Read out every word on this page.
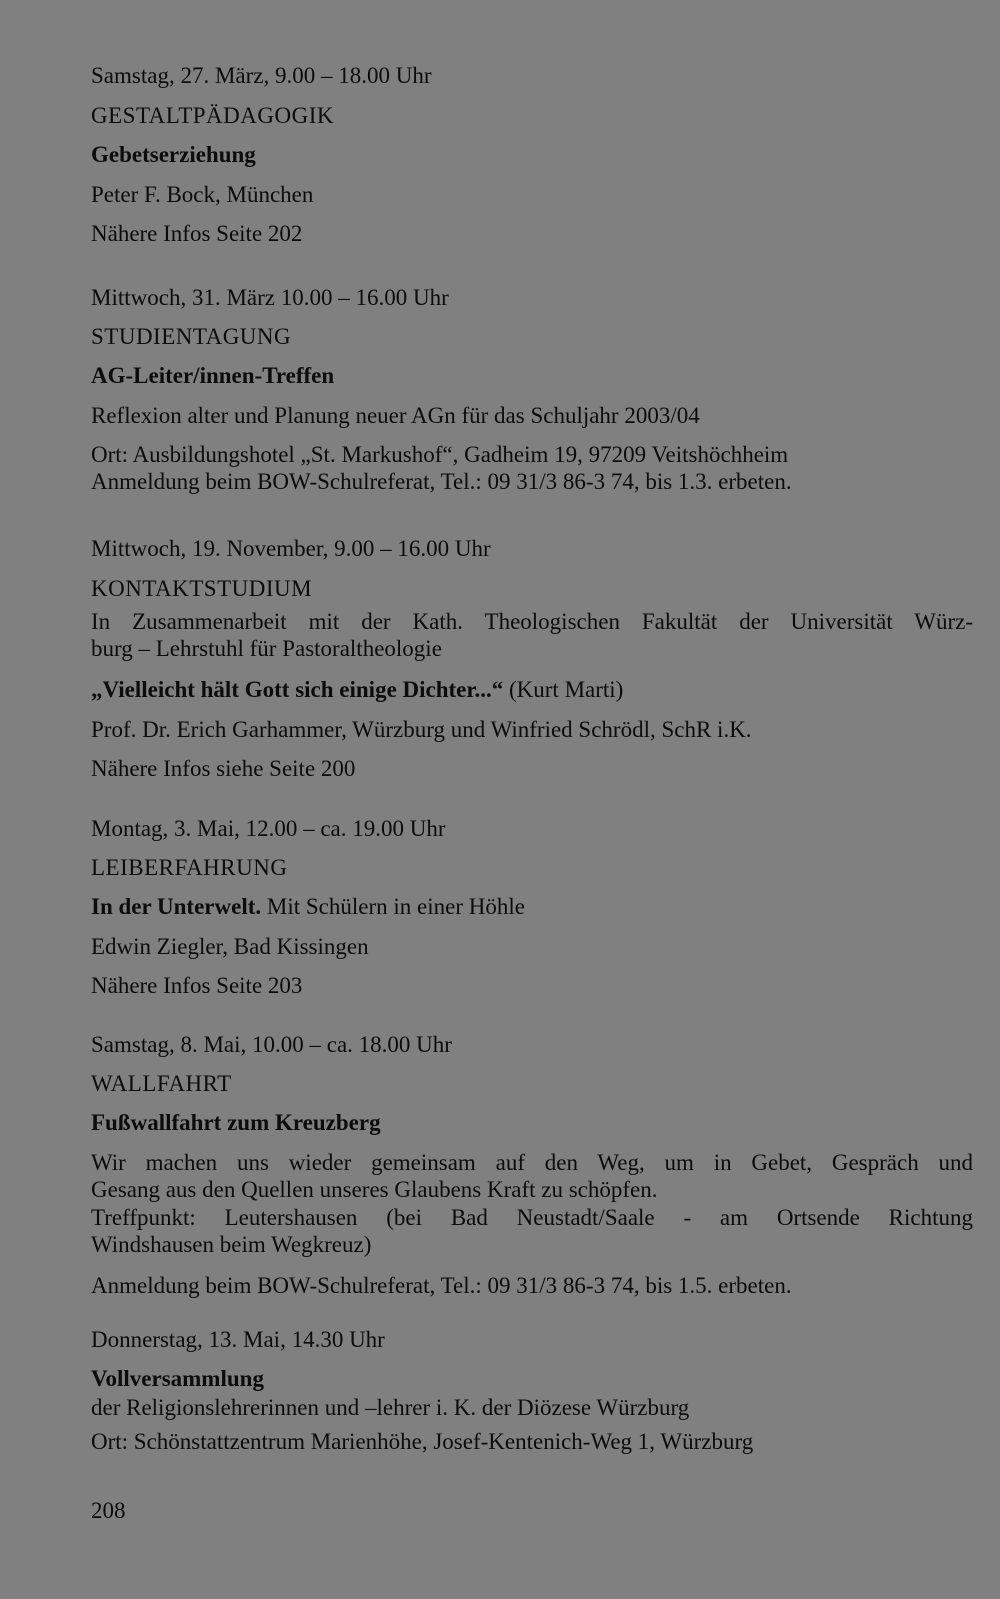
Samstag, 27. März, 9.00 – 18.00 Uhr
GESTALTPÄDAGOGIK
Gebetserziehung
Peter F. Bock, München
Nähere Infos Seite 202
Mittwoch, 31. März 10.00 – 16.00 Uhr
STUDIENTAGUNG
AG-Leiter/innen-Treffen
Reflexion alter und Planung neuer AGn für das Schuljahr 2003/04
Ort: Ausbildungshotel „St. Markushof“, Gadheim 19, 97209 Veitshöchheim
Anmeldung beim BOW-Schulreferat, Tel.: 09 31/3 86-3 74, bis 1.3. erbeten.
Mittwoch, 19. November, 9.00 – 16.00 Uhr
KONTAKTSTUDIUM
In Zusammenarbeit mit der Kath. Theologischen Fakultät der Universität Würz-
burg – Lehrstuhl für Pastoraltheologie
„Vielleicht hält Gott sich einige Dichter...“ (Kurt Marti)
Prof. Dr. Erich Garhammer, Würzburg und Winfried Schrödl, SchR i.K.
Nähere Infos siehe Seite 200
Montag, 3. Mai, 12.00 – ca. 19.00 Uhr
LEIBERFAHRUNG
In der Unterwelt. Mit Schülern in einer Höhle
Edwin Ziegler, Bad Kissingen
Nähere Infos Seite 203
Samstag, 8. Mai, 10.00 – ca. 18.00 Uhr
WALLFAHRT
Fußwallfahrt zum Kreuzberg
Wir machen uns wieder gemeinsam auf den Weg, um in Gebet, Gespräch und
Gesang aus den Quellen unseres Glaubens Kraft zu schöpfen.
Treffpunkt: Leutershausen (bei Bad Neustadt/Saale - am Ortsende Richtung
Windshausen beim Wegkreuz)
Anmeldung beim BOW-Schulreferat, Tel.: 09 31/3 86-3 74, bis 1.5. erbeten.
Donnerstag, 13. Mai, 14.30 Uhr
Vollversammlung
der Religionslehrerinnen und –lehrer i. K. der Diözese Würzburg
Ort: Schönstattzentrum Marienhöhe, Josef-Kentenich-Weg 1, Würzburg
208
